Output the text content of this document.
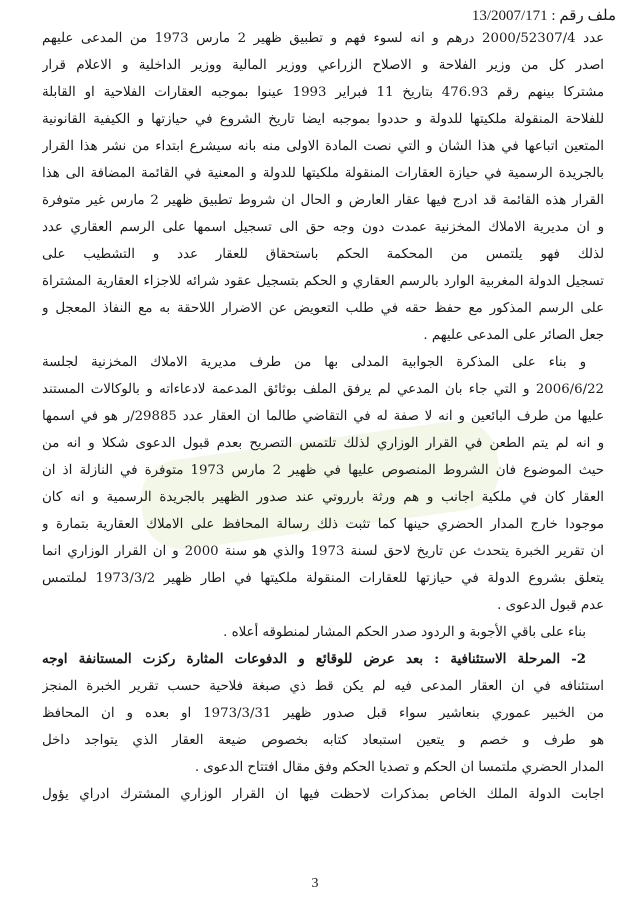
ملف رقم : 13/2007/171
عدد 2000/52307/4 درهم و انه لسوء فهم و تطبيق ظهير 2 مارس 1973 من المدعى عليهم
اصدر كل من وزير الفلاحة و الاصلاح الزراعي ووزير المالية ووزير الداخلية و الاعلام قرار
مشتركا بينهم رقم 476.93 بتاريخ 11 فبراير 1993 عينوا بموجبه العقارات الفلاحية او القابلة
للفلاحة المنقولة ملكيتها للدولة و حددوا بموجبه ايضا تاريخ الشروع في حيازتها و الكيفية القانونية
المتعين اتباعها في هذا الشان و التي نصت المادة الاولى منه بانه سيشرع ابتداء من نشر هذا القرار
بالجريدة الرسمية في حيازة العقارات المنقولة ملكيتها للدولة و المعنية في القائمة المضافة الى هذا
القرار هذه القائمة قد ادرج فيها عقار العارض و الحال ان شروط تطبيق ظهير 2 مارس غير متوفرة
و ان مديرية الاملاك المخزنية عمدت دون وجه حق الى تسجيل اسمها على الرسم العقاري عدد
لذلك فهو يلتمس من المحكمة الحكم باستحقاق للعقار عدد و التشطيب على
تسجيل الدولة المغربية الوارد بالرسم العقاري و الحكم بتسجيل عقود شرائه للاجزاء العقارية المشتراة
على الرسم المذكور مع حفظ حقه في طلب التعويض عن الاضرار اللاحقة به مع النفاذ المعجل و
جعل الصائر على المدعى عليهم .
و بناء على المذكرة الجوابية المدلى بها من طرف مديرية الاملاك المخزنية لجلسة
2006/6/22 و التي جاء بان المدعي لم يرفق الملف بوثائق المدعمة لادعاءاته و بالوكالات المستند
عليها من طرف البائعين و انه لا صفة له في التقاضي طالما ان العقار عدد 29885/ر هو في اسمها
و انه لم يتم الطعن في القرار الوزاري لذلك تلتمس التصريح بعدم قبول الدعوى شكلا و انه من
حيث الموضوع فان الشروط المنصوص عليها في ظهير 2 مارس 1973 متوفرة في النازلة اذ ان
العقار كان في ملكية اجانب و هم ورثة بارروتي عند صدور الظهير بالجريدة الرسمية و انه كان
موجودا خارج المدار الحضري حينها كما تثبت ذلك رسالة المحافظ على الاملاك العقارية بتمارة و
ان تقرير الخبرة يتحدث عن تاريخ لاحق لسنة 1973 والذي هو سنة 2000 و ان القرار الوزاري انما
يتعلق بشروع الدولة في حيازتها للعقارات المنقولة ملكيتها في اطار ظهير 1973/3/2 لملتمس
عدم قبول الدعوى .
بناء على باقي الأجوبة و الردود صدر الحكم المشار لمنطوقه أعلاه .
2- المرحلة الاستئنافية : بعد عرض للوقائع و الدفوعات المثارة ركزت المستانفة اوجه
استئنافه في ان العقار المدعى فيه لم يكن قط ذي صبغة فلاحية حسب تقرير الخبرة المنجز
من الخبير عموري بنعاشير سواء قبل صدور ظهير 1973/3/31 او بعده و ان المحافظ
هو طرف و خصم و يتعين استبعاد كتابه بخصوص ضيعة العقار الذي يتواجد داخل
المدار الحضري ملتمسا ان الحكم و تصديا الحكم وفق مقال افتتاح الدعوى .
اجابت الدولة الملك الخاص بمذكرات لاحظت فيها ان القرار الوزاري المشترك ادراي يؤول
3
